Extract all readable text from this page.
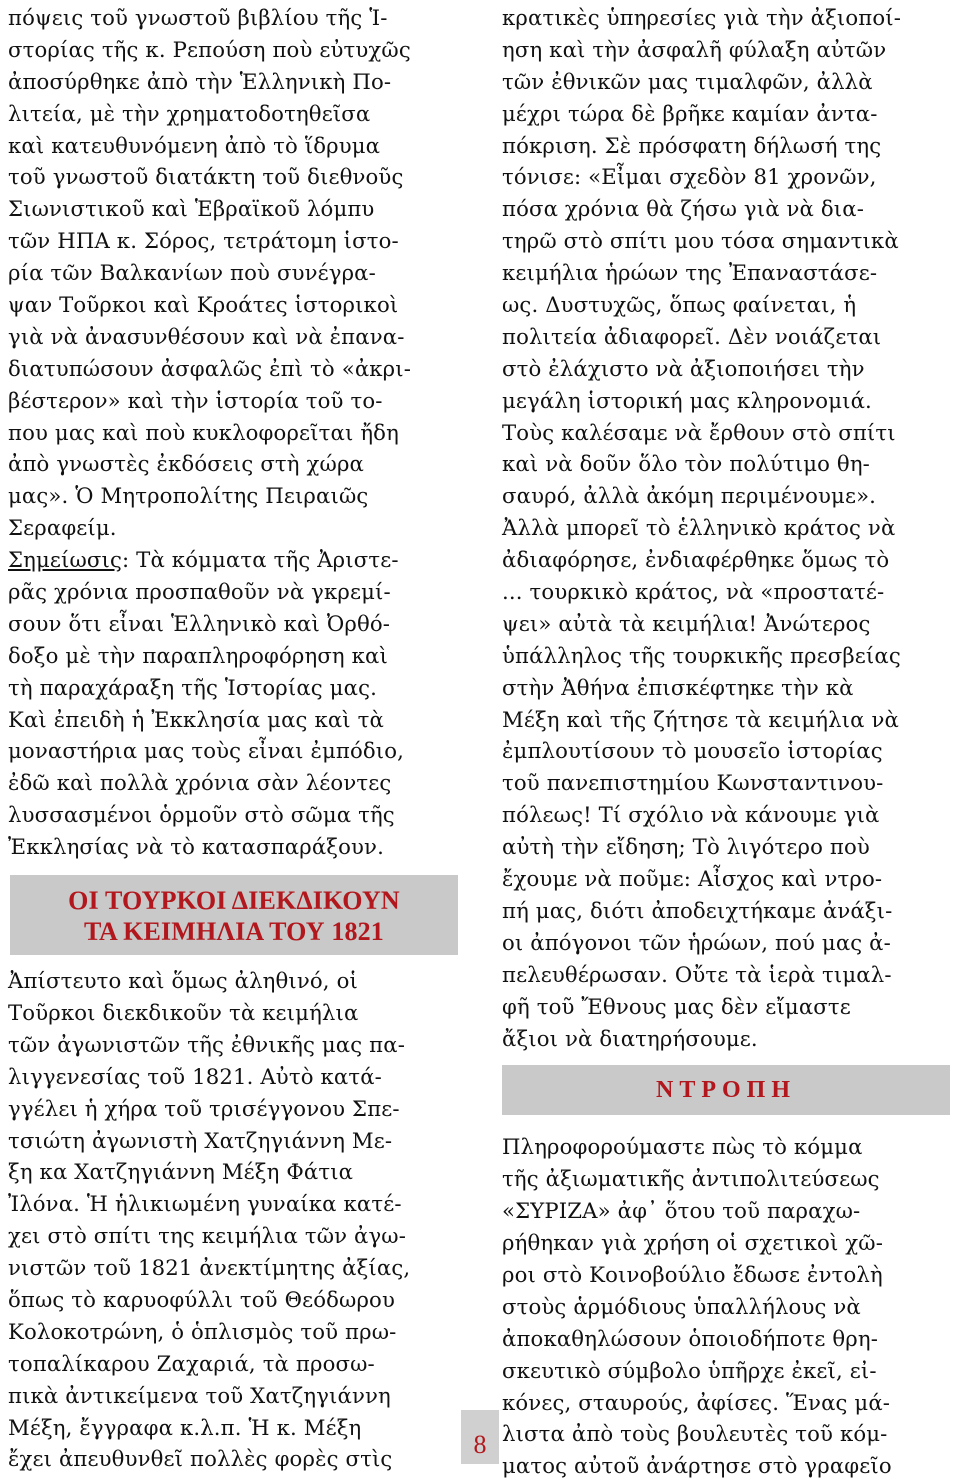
πόψεις τοῦ γνωστοῦ βιβλίου τῆς Ἱ-
στορίας τῆς κ. Ρεπούση ποὺ εὐτυχῶς
ἀποσύρθηκε ἀπὸ τὴν Ἑλληνικὴ Πο-
λιτεία, μὲ τὴν χρηματοδοτηθεῖσα
καὶ κατευθυνόμενη ἀπὸ τὸ ἵδρυμα
τοῦ γνωστοῦ διατάκτη τοῦ διεθνοῦς
Σιωνιστικοῦ καὶ Ἑβραϊκοῦ λόμπυ
τῶν ΗΠΑ κ. Σόρος, τετράτομη ἱστο-
ρία τῶν Βαλκανίων ποὺ συνέγρα-
ψαν Τοῦρκοι καὶ Κροάτες ἱστορικοὶ
γιὰ νὰ ἀνασυνθέσουν καὶ νὰ ἐπανα-
διατυπώσουν ἀσφαλῶς ἐπὶ τὸ «ἀκρι-
βέστερον» καὶ τὴν ἱστορία τοῦ το-
που μας καὶ ποὺ κυκλοφορεῖται ἤδη
ἀπὸ γνωστὲς ἐκδόσεις στὴ χώρα
μας». Ὁ Μητροπολίτης Πειραιῶς
Σεραφείμ.
Σημείωσις: Τὰ κόμματα τῆς Ἀριστε-
ρᾶς χρόνια προσπαθοῦν νὰ γκρεμί-
σουν ὅτι εἶναι Ἑλληνικὸ καὶ Ὀρθό-
δοξο μὲ τὴν παραπληροφόρηση καὶ
τὴ παραχάραξη τῆς Ἱστορίας μας.
Καὶ ἐπειδὴ ἡ Ἐκκλησία μας καὶ τὰ
μοναστήρια μας τοὺς εἶναι ἐμπόδιο,
ἐδῶ καὶ πολλὰ χρόνια σὰν λέοντες
λυσσασμένοι ὁρμοῦν στὸ σῶμα τῆς
Ἐκκλησίας νὰ τὸ κατασπαράξουν.
ΟΙ ΤΟΥΡΚΟΙ ΔΙΕΚΔΙΚΟΥΝ
ΤΑ ΚΕΙΜΗΛΙΑ ΤΟΥ 1821
Ἀπίστευτο καὶ ὅμως ἀληθινό, οἱ
Τοῦρκοι διεκδικοῦν τὰ κειμήλια
τῶν ἀγωνιστῶν τῆς ἐθνικῆς μας πα-
λιγγενεσίας τοῦ 1821. Αὐτὸ κατά-
γγέλει ἡ χήρα τοῦ τρισέγγονου Σπε-
τσιώτη ἀγωνιστὴ Χατζηγιάννη Με-
ξη κα Χατζηγιάννη Μέξη Φάτια
Ἰλόνα. Ἡ ἡλικιωμένη γυναίκα κατέ-
χει στὸ σπίτι της κειμήλια τῶν ἀγω-
νιστῶν τοῦ 1821 ἀνεκτίμητης ἀξίας,
ὅπως τὸ καρυοφύλλι τοῦ Θεόδωρου
Κολοκοτρώνη, ὁ ὁπλισμὸς τοῦ πρω-
τοπαλίκαρου Ζαχαριά, τὰ προσω-
πικὰ ἀντικείμενα τοῦ Χατζηγιάννη
Μέξη, ἔγγραφα κ.λ.π. Ἡ κ. Μέξη
ἔχει ἀπευθυνθεῖ πολλὲς φορὲς στὶς
κρατικὲς ὑπηρεσίες γιὰ τὴν ἀξιοποί-
ηση καὶ τὴν ἀσφαλῆ φύλαξη αὐτῶν
τῶν ἐθνικῶν μας τιμαλφῶν, ἀλλὰ
μέχρι τώρα δὲ βρῆκε καμίαν ἀντα-
πόκριση. Σὲ πρόσφατη δήλωσή της
τόνισε: «Εἶμαι σχεδὸν 81 χρονῶν,
πόσα χρόνια θὰ ζήσω γιὰ νὰ δια-
τηρῶ στὸ σπίτι μου τόσα σημαντικὰ
κειμήλια ἡρώων της Ἐπαναστάσε-
ως. Δυστυχῶς, ὅπως φαίνεται, ἡ
πολιτεία ἀδιαφορεῖ. Δὲν νοιάζεται
στὸ ἐλάχιστο νὰ ἀξιοποιήσει τὴν
μεγάλη ἱστορική μας κληρονομιά.
Τοὺς καλέσαμε νὰ ἔρθουν στὸ σπίτι
καὶ νὰ δοῦν ὅλο τὸν πολύτιμο θη-
σαυρό, ἀλλὰ ἀκόμη περιμένουμε».
Ἀλλὰ μπορεῖ τὸ ἑλληνικὸ κράτος νὰ
ἀδιαφόρησε, ἐνδιαφέρθηκε ὅμως τὸ
... τουρκικὸ κράτος, νὰ «προστατέ-
ψει» αὐτὰ τὰ κειμήλια! Ἀνώτερος
ὑπάλληλος τῆς τουρκικῆς πρεσβείας
στὴν Ἀθήνα ἐπισκέφτηκε τὴν κὰ
Μέξη καὶ τῆς ζήτησε τὰ κειμήλια νὰ
ἐμπλουτίσουν τὸ μουσεῖο ἱστορίας
τοῦ πανεπιστημίου Κωνσταντινου-
πόλεως! Τί σχόλιο νὰ κάνουμε γιὰ
αὐτὴ τὴν εἴδηση; Τὸ λιγότερο ποὺ
ἔχουμε νὰ ποῦμε: Αἶσχος καὶ ντρο-
πή μας, διότι ἀποδειχτήκαμε ἀνάξι-
οι ἀπόγονοι τῶν ἡρώων, πού μας ἀ-
πελευθέρωσαν. Οὔτε τὰ ἱερὰ τιμαλ-
φῆ τοῦ Ἔθνους μας δὲν εἴμαστε
ἄξιοι νὰ διατηρήσουμε.
ΝΤΡΟΠΗ
Πληροφορούμαστε πὼς τὸ κόμμα
τῆς ἀξιωματικῆς ἀντιπολιτεύσεως
«ΣΥΡΙΖΑ» ἀφ᾽ ὅτου τοῦ παραχω-
ρήθηκαν γιὰ χρήση οἱ σχετικοὶ χῶ-
ροι στὸ Κοινοβούλιο ἔδωσε ἐντολὴ
στοὺς ἁρμόδιους ὑπαλλήλους νὰ
ἀποκαθηλώσουν ὁποιοδήποτε θρη-
σκευτικὸ σύμβολο ὑπῆρχε ἐκεῖ, εἰ-
κόνες, σταυρούς, ἀφίσες. Ἕνας μά-
λιστα ἀπὸ τοὺς βουλευτὲς τοῦ κόμ-
ματος αὐτοῦ ἀνάρτησε στὸ γραφεῖο
8
